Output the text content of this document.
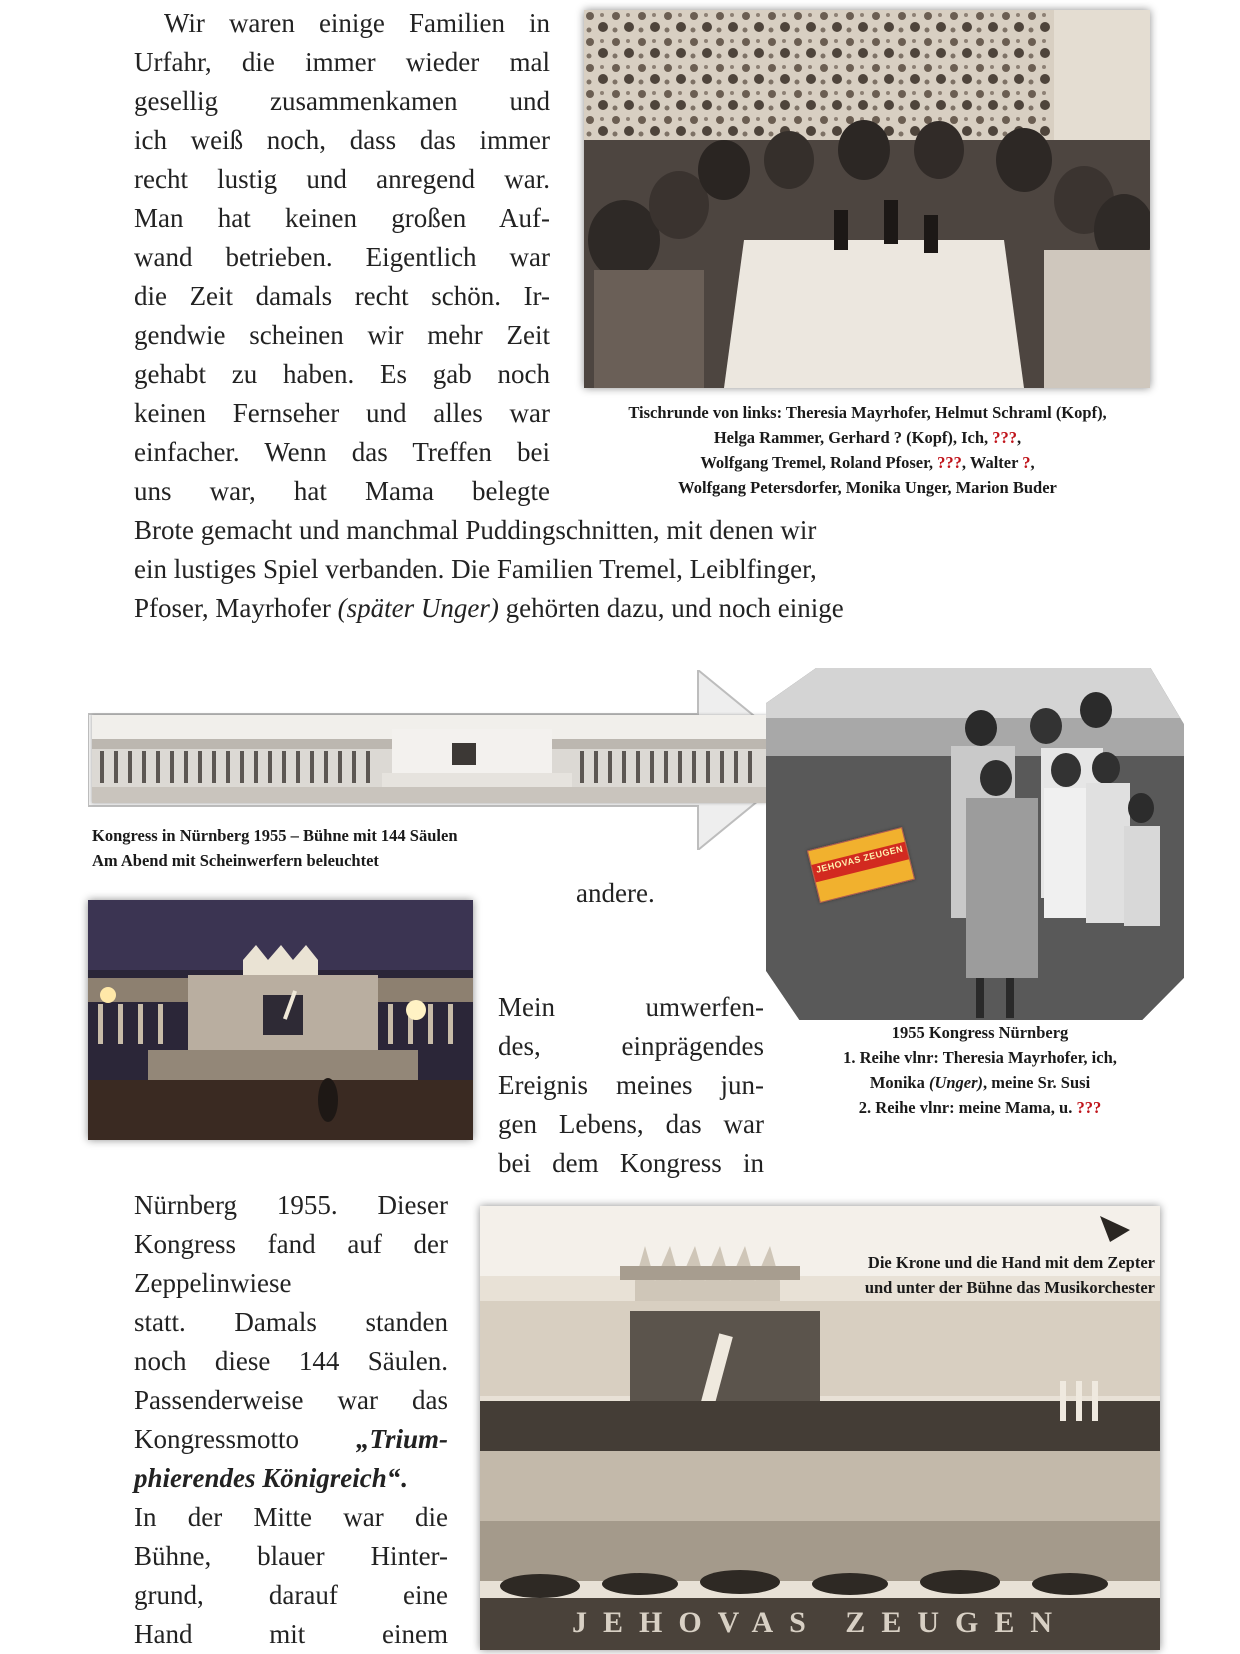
Wir waren einige Familien in
Urfahr, die immer wieder mal
gesellig zusammenkamen und
ich weiß noch, dass das immer
recht lustig und anregend war.
Man hat keinen großen Auf-
wand betrieben. Eigentlich war
die Zeit damals recht schön. Ir-
gendwie scheinen wir mehr Zeit
gehabt zu haben. Es gab noch
keinen Fernseher und alles war
einfacher. Wenn das Treffen bei
uns war, hat Mama belegte
Brote gemacht und manchmal Puddingschnitten, mit denen wir
ein lustiges Spiel verbanden. Die Familien Tremel, Leiblfinger,
Pfoser, Mayrhofer (später Unger) gehörten dazu, und noch einige
andere.
Tischrunde von links: Theresia Mayrhofer, Helmut Schraml (Kopf),
Helga Rammer, Gerhard ? (Kopf), Ich, ???,
Wolfgang Tremel, Roland Pfoser, ???, Walter ?,
Wolfgang Petersdorfer, Monika Unger, Marion Buder
Kongress in Nürnberg 1955 – Bühne mit 144 Säulen
Am Abend mit Scheinwerfern beleuchtet	JEHOVAS ZEUGEN
1955 Kongress Nürnberg
1. Reihe vlnr: Theresia Mayrhofer, ich,
Monika (Unger), meine Sr. Susi
2. Reihe vlnr: meine Mama, u. ???
Mein umwerfen-
des, einprägendes
Ereignis meines jun-
gen Lebens, das war
bei dem Kongress in
Nürnberg 1955. Dieser
Kongress fand auf der
Zeppelinwiese
statt. Damals standen
noch diese 144 Säulen.
Passenderweise war das
Kongressmotto „Trium-
phierendes Königreich“.
In der Mitte war die
Bühne, blauer Hinter-
grund, darauf eine
Hand mit einem	JEHOVAS ZEUGEN
Die Krone und die Hand mit dem Zepter
und unter der Bühne das Musikorchester
